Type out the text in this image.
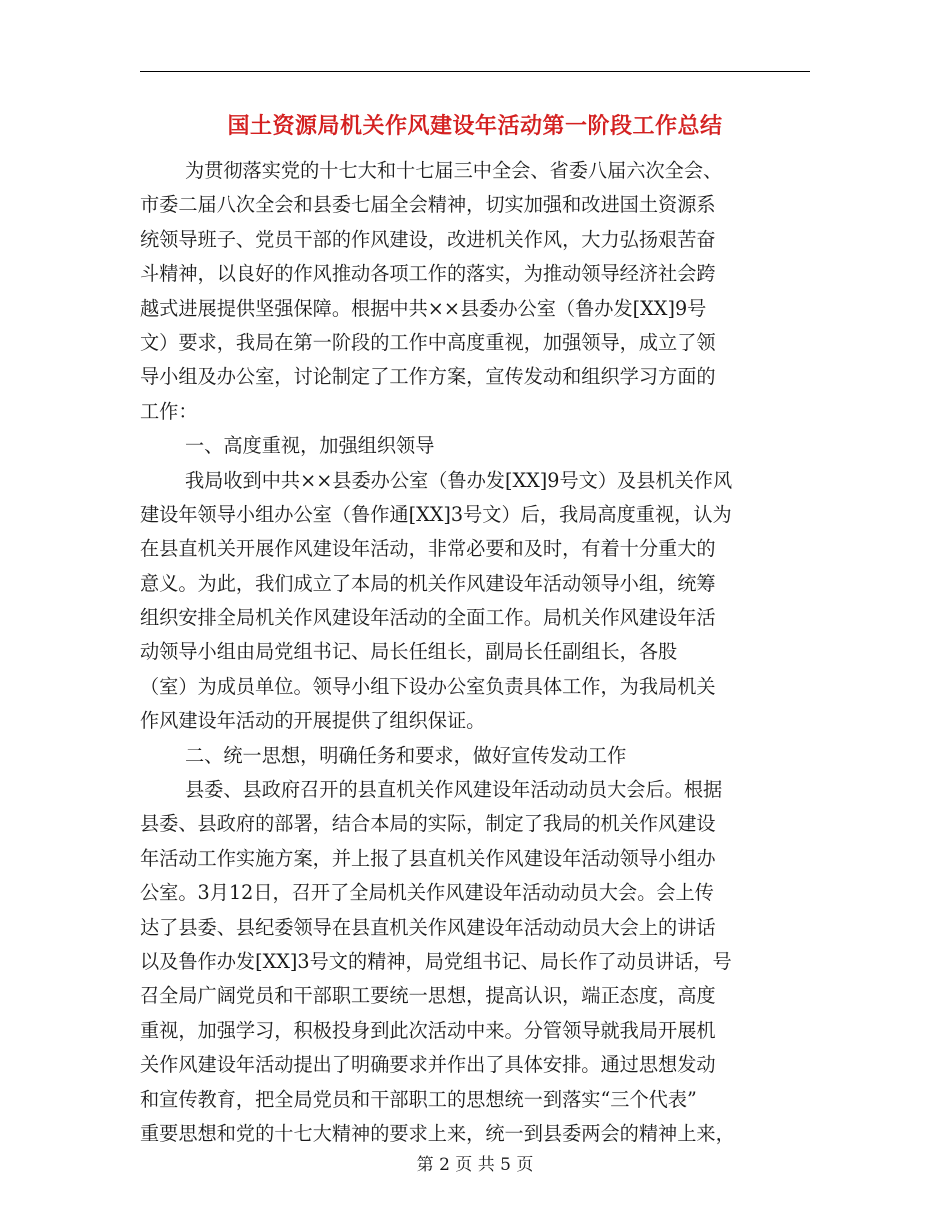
国土资源局机关作风建设年活动第一阶段工作总结
为贯彻落实党的十七大和十七届三中全会、省委八届六次全会、
市委二届八次全会和县委七届全会精神，切实加强和改进国土资源系
统领导班子、党员干部的作风建设，改进机关作风，大力弘扬艰苦奋
斗精神，以良好的作风推动各项工作的落实，为推动领导经济社会跨
越式进展提供坚强保障。根据中共××县委办公室（鲁办发[XX]9号
文）要求，我局在第一阶段的工作中高度重视，加强领导，成立了领
导小组及办公室，讨论制定了工作方案，宣传发动和组织学习方面的
工作：
一、高度重视，加强组织领导
我局收到中共××县委办公室（鲁办发[XX]9号文）及县机关作风
建设年领导小组办公室（鲁作通[XX]3号文）后，我局高度重视，认为
在县直机关开展作风建设年活动，非常必要和及时，有着十分重大的
意义。为此，我们成立了本局的机关作风建设年活动领导小组，统筹
组织安排全局机关作风建设年活动的全面工作。局机关作风建设年活
动领导小组由局党组书记、局长任组长，副局长任副组长，各股
（室）为成员单位。领导小组下设办公室负责具体工作，为我局机关
作风建设年活动的开展提供了组织保证。
二、统一思想，明确任务和要求，做好宣传发动工作
县委、县政府召开的县直机关作风建设年活动动员大会后。根据
县委、县政府的部署，结合本局的实际，制定了我局的机关作风建设
年活动工作实施方案，并上报了县直机关作风建设年活动领导小组办
公室。3月12日，召开了全局机关作风建设年活动动员大会。会上传
达了县委、县纪委领导在县直机关作风建设年活动动员大会上的讲话
以及鲁作办发[XX]3号文的精神，局党组书记、局长作了动员讲话，号
召全局广阔党员和干部职工要统一思想，提高认识，端正态度，高度
重视，加强学习，积极投身到此次活动中来。分管领导就我局开展机
关作风建设年活动提出了明确要求并作出了具体安排。通过思想发动
和宣传教育，把全局党员和干部职工的思想统一到落实“三个代表”
重要思想和党的十七大精神的要求上来，统一到县委两会的精神上来，
第 2 页 共 5 页
